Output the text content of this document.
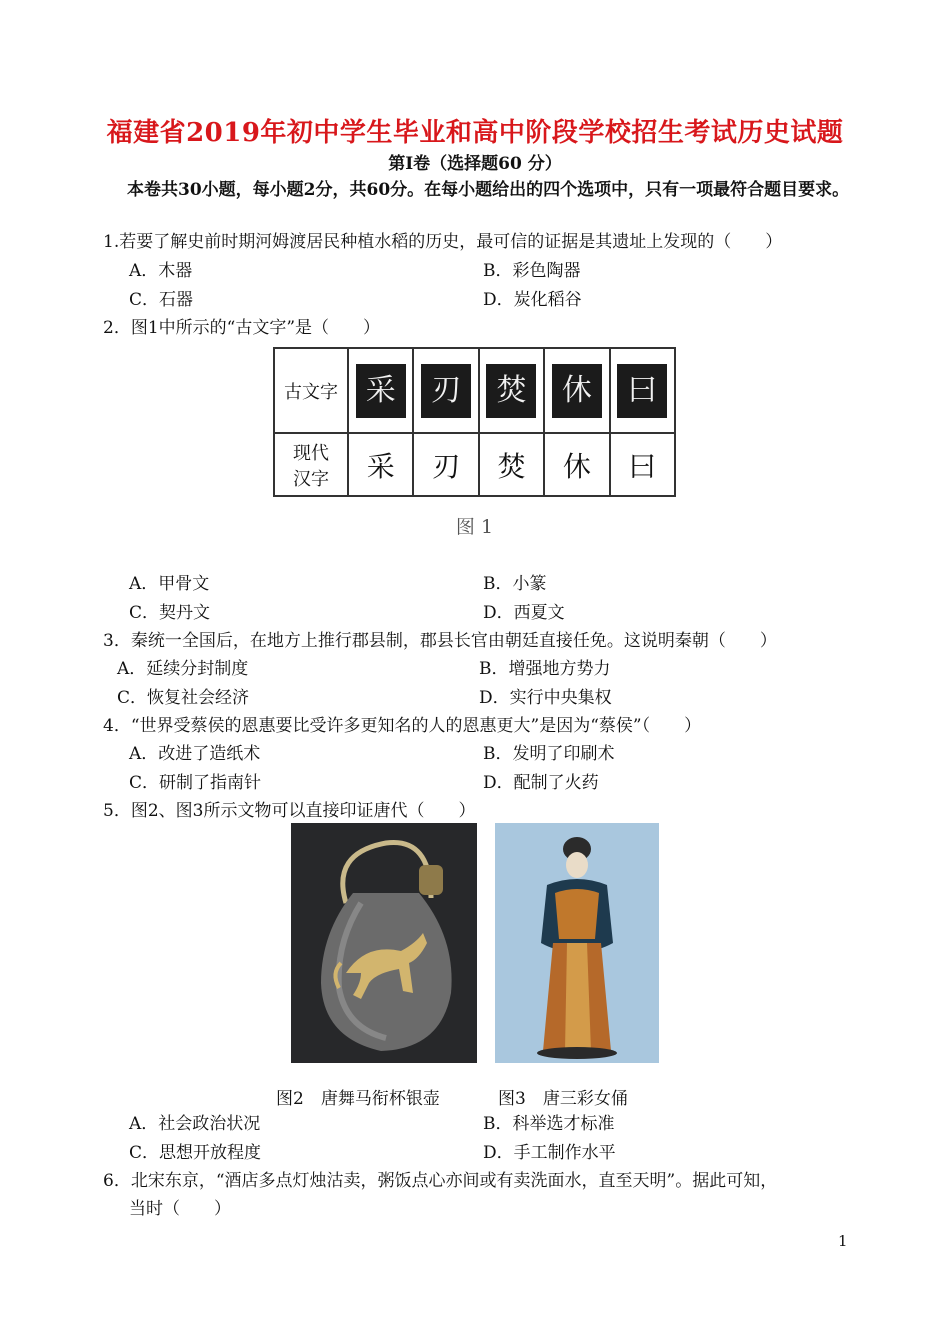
福建省2019年初中学生毕业和高中阶段学校招生考试历史试题
第Ⅰ卷（选择题60 分）
本卷共30小题，每小题2分，共60分。在每小题给出的四个选项中，只有一项最符合题目要求。
1.若要了解史前时期河姆渡居民种植水稻的历史，最可信的证据是其遗址上发现的（　　）
A．木器	B．彩色陶器
C．石器	D．炭化稻谷
2．图1中所示的“古文字”是（　　）
古文字	采	刃	焚	休	曰

现代
汉字	采	刃	焚	休	曰
图 1
A．甲骨文	B．小篆
C．契丹文	D．西夏文
3．秦统一全国后，在地方上推行郡县制，郡县长官由朝廷直接任免。这说明秦朝（　　）
A．延续分封制度	B．增强地方势力
C．恢复社会经济	D．实行中央集权
4．“世界受蔡侯的恩惠要比受许多更知名的人的恩惠更大”是因为“蔡侯”（　　）
A．改进了造纸术	B．发明了印刷术
C．研制了指南针	D．配制了火药
5．图2、图3所示文物可以直接印证唐代（　　）
图2　唐舞马衔杯银壶	图3　唐三彩女俑
A．社会政治状况	B．科举选才标准
C．思想开放程度	D．手工制作水平
6．北宋东京，“酒店多点灯烛沽卖，粥饭点心亦间或有卖洗面水，直至天明”。据此可知，
当时（　　）
1
